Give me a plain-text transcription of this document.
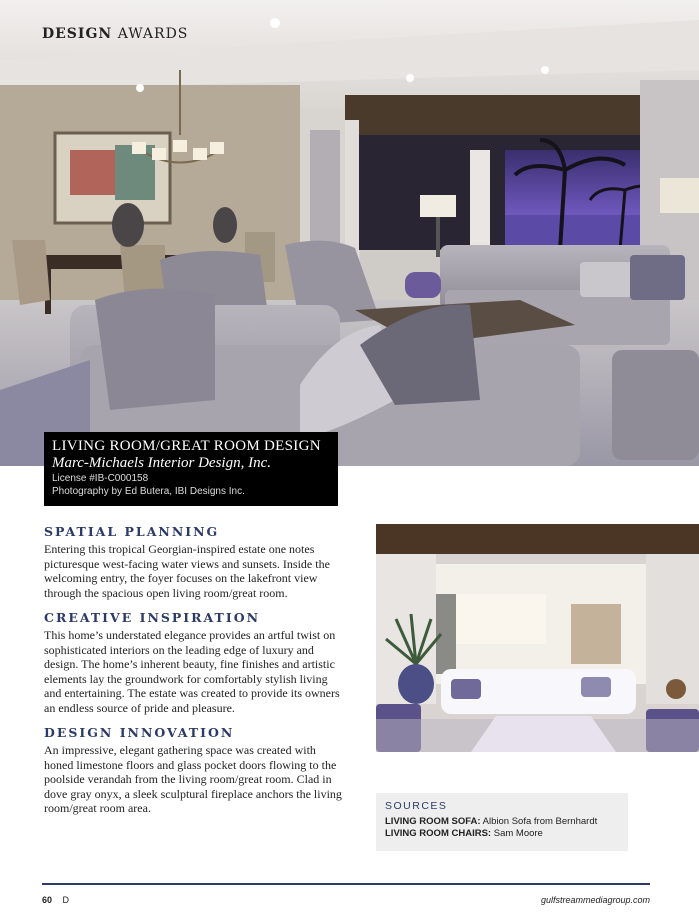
DESIGN AWARDS
LIVING ROOM/GREAT ROOM DESIGN
Marc-Michaels Interior Design, Inc.
License #IB-C000158
Photography by Ed Butera, IBI Designs Inc.
SPATIAL PLANNING

Entering this tropical Georgian-inspired estate one notes picturesque west-facing water views and sunsets. Inside the welcoming entry, the foyer focuses on the lakefront view through the spacious open living room/great room.

CREATIVE INSPIRATION

This home’s understated elegance provides an artful twist on sophisticated interiors on the leading edge of luxury and design. The home’s inherent beauty, fine finishes and artistic elements lay the groundwork for comfortably stylish living and entertaining. The estate was created to provide its owners an endless source of pride and pleasure.

DESIGN INNOVATION

An impressive, elegant gathering space was created with honed limestone floors and glass pocket doors flowing to the poolside verandah from the living room/great room. Clad in dove gray onyx, a sleek sculptural fireplace anchors the living room/great room area.	SOURCES
LIVING ROOM SOFA: Albion Sofa from Bernhardt
LIVING ROOM CHAIRS: Sam Moore
60 D	gulfstreammediagroup.com
